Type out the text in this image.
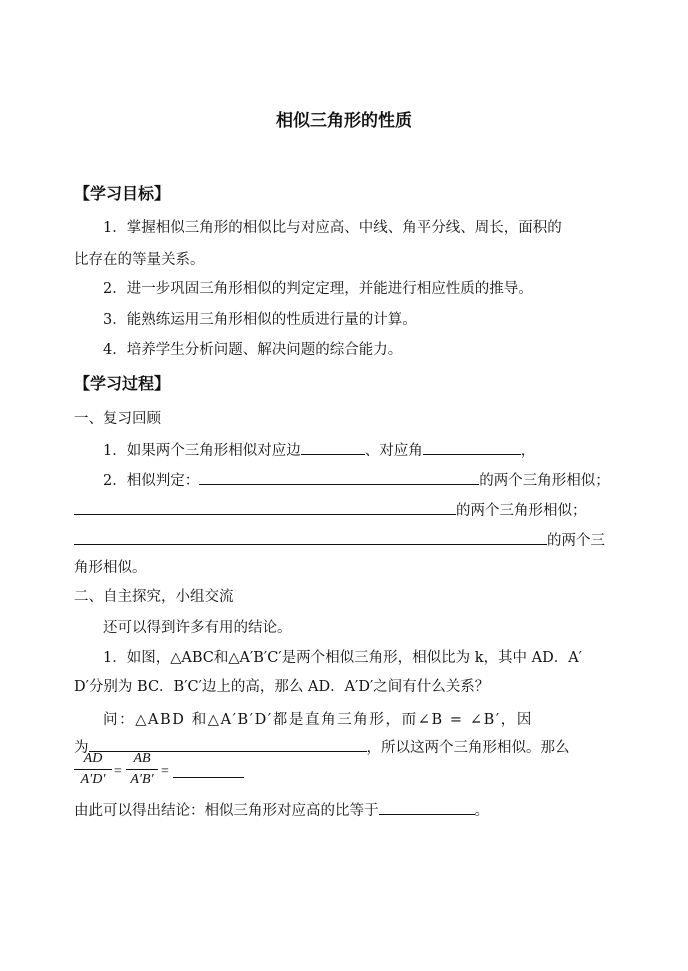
相似三角形的性质
【学习目标】
1．掌握相似三角形的相似比与对应高、中线、角平分线、周长，面积的
比存在的等量关系。
2．进一步巩固三角形相似的判定定理，并能进行相应性质的推导。
3．能熟练运用三角形相似的性质进行量的计算。
4．培养学生分析问题、解决问题的综合能力。
【学习过程】
一、复习回顾
1．如果两个三角形相似对应边	、对应角	，
2．相似判定：	的两个三角形相似；
的两个三角形相似；
的两个三
角形相似。
二、自主探究，小组交流
还可以得到许多有用的结论。
1．如图，△ABC和△A′B′C′是两个相似三角形，相似比为 k，其中 AD．A′
D′分别为 BC．B′C′边上的高，那么 AD．A′D′之间有什么关系？
问：△ABD 和△A′B′D′都是直角三角形，而∠B = ∠B′，因
为	，所以这两个三角形相似。那么
AD
A′D′
=
AB
A′B′
=
由此可以得出结论：相似三角形对应高的比等于	。
